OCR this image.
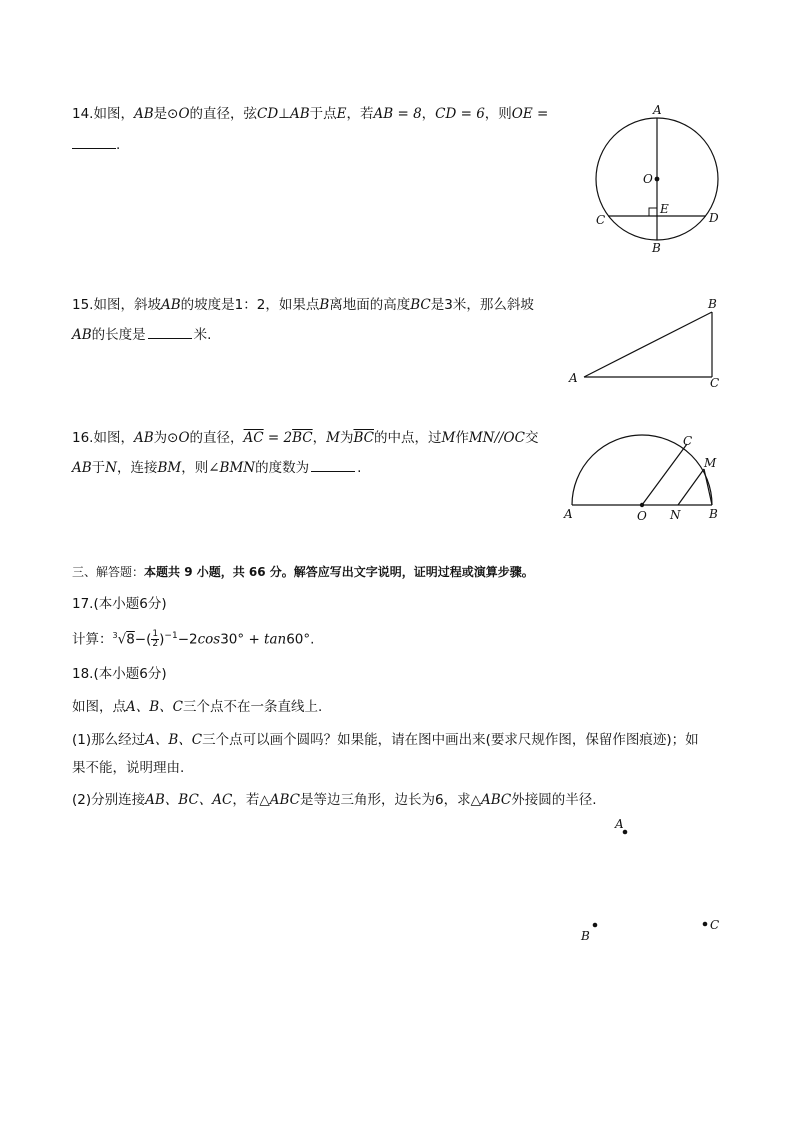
14.如图，AB是⊙O的直径，弦CD⊥AB于点E，若AB = 8，CD = 6，则OE =
.
A
O
E
C	D
B
15.如图，斜坡AB的坡度是1：2，如果点B离地面的高度BC是3米，那么斜坡
AB的长度是	米.
A
B
C
16.如图，AB为⊙O的直径，$\overline{AC} = 2\overline{BC}$，M为$\overline{BC}$的中点，过M作MN//OC交
AB于N，连接BM，则∠BMN的度数为	.
A	O N B
C
M
三、解答题：本题共 9 小题，共 66 分。解答应写出文字说明，证明过程或演算步骤。
17.(本小题6分)
计算：$^3√8-( \frac{1}{2} )^{-1}-2\cos 30^\circ + \tan 60^\circ$.
18.(本小题6分)
如图，点A、B、C三个点不在一条直线上.
(1)那么经过A、B、C三个点可以画个圆吗？如果能，请在图中画出来(要求尺规作图，保留作图痕迹)；如
果不能，说明理由.
(2)分别连接AB、BC、AC，若△ABC是等边三角形，边长为6，求△ABC外接圆的半径.
A
B
C
